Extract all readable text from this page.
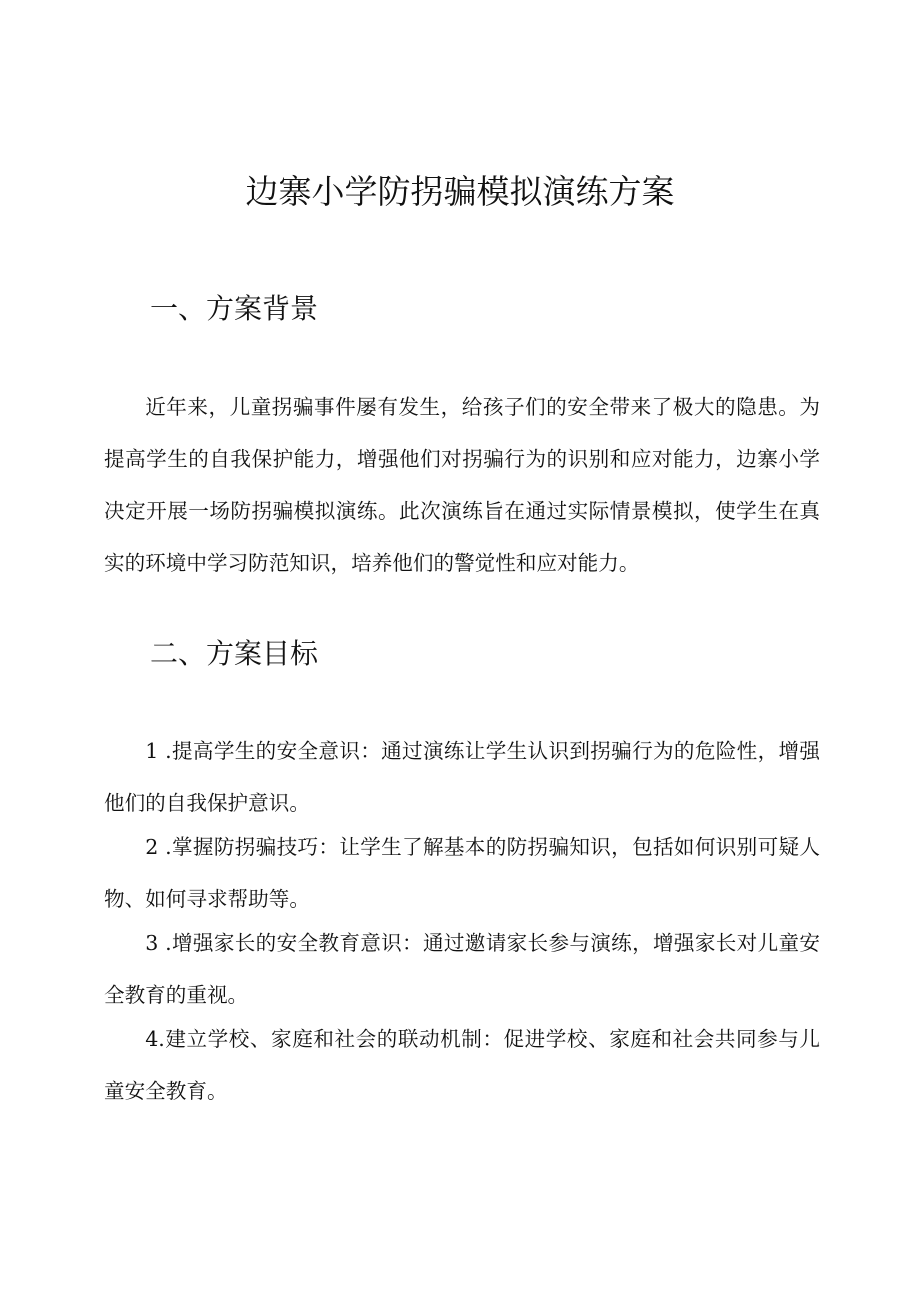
边寨小学防拐骗模拟演练方案
一、方案背景

近年来，儿童拐骗事件屡有发生，给孩子们的安全带来了极大的隐患。为提高学生的自我保护能力，增强他们对拐骗行为的识别和应对能力，边寨小学决定开展一场防拐骗模拟演练。此次演练旨在通过实际情景模拟，使学生在真实的环境中学习防范知识，培养他们的警觉性和应对能力。

二、方案目标

1 .提高学生的安全意识：通过演练让学生认识到拐骗行为的危险性，增强他们的自我保护意识。

2 .掌握防拐骗技巧：让学生了解基本的防拐骗知识，包括如何识别可疑人物、如何寻求帮助等。

3 .增强家长的安全教育意识：通过邀请家长参与演练，增强家长对儿童安全教育的重视。

4.建立学校、家庭和社会的联动机制：促进学校、家庭和社会共同参与儿童安全教育。
